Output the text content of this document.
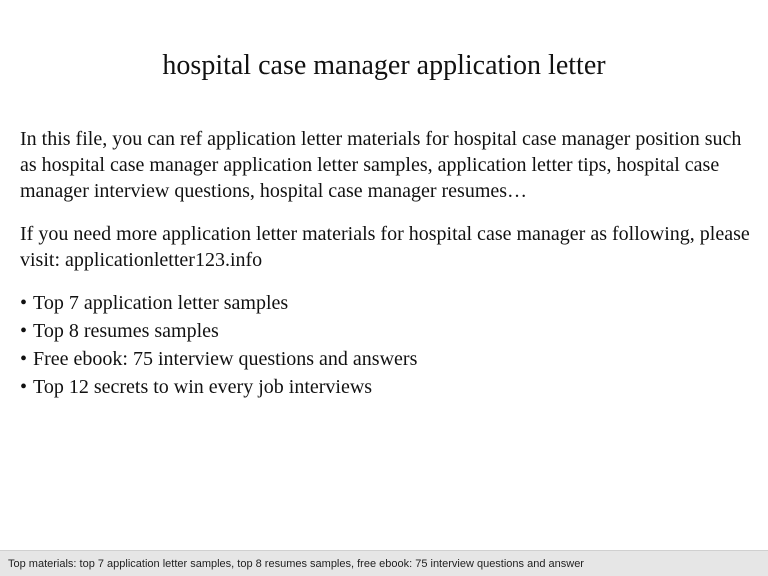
hospital case manager application letter

In this file, you can ref application letter materials for hospital case manager position such as hospital case manager application letter samples, application letter tips, hospital case manager interview questions, hospital case manager resumes…

If you need more application letter materials for hospital case manager as following, please visit: applicationletter123.info

• Top 7 application letter samples
• Top 8 resumes samples
• Free ebook: 75 interview questions and answers
• Top 12 secrets to win every job interviews
Top materials: top 7 application letter samples, top 8 resumes samples, free ebook: 75 interview questions and answer
